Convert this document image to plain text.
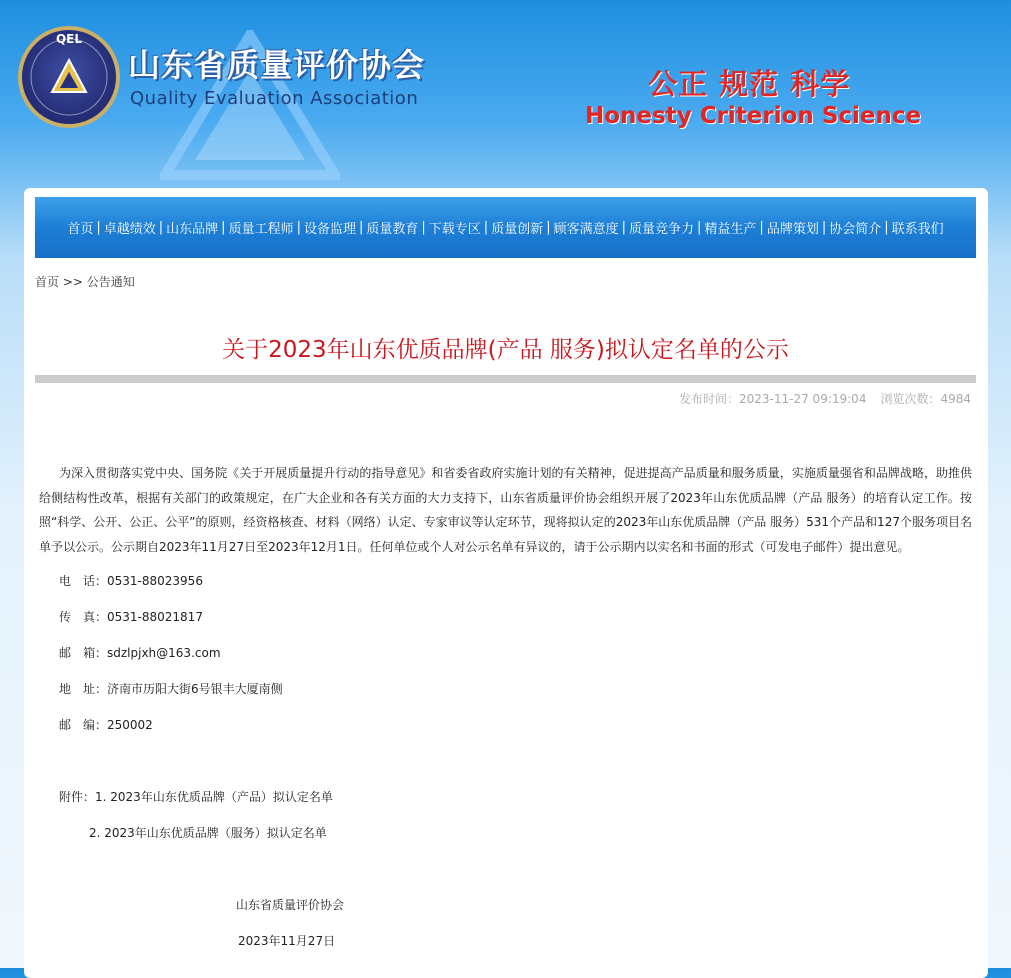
QEL
山东省质量评价协会
Quality Evaluation Association	公正 规范 科学
Honesty Criterion Science
首页 | 卓越绩效 | 山东品牌 | 质量工程师 | 设备监理 | 质量教育 | 下载专区 | 质量创新 | 顾客满意度 | 质量竞争力 | 精益生产 | 品牌策划 | 协会简介 | 联系我们
首页 >> 公告通知
关于2023年山东优质品牌(产品 服务)拟认定名单的公示
发布时间：2023-11-27 09:19:04 浏览次数：4984
为深入贯彻落实党中央、国务院《关于开展质量提升行动的指导意见》和省委省政府实施计划的有关精神，促进提高产品质量和服务质量，实施质量强省和品牌战略，助推供给侧结构性改革，根据有关部门的政策规定，在广大企业和各有关方面的大力支持下，山东省质量评价协会组织开展了2023年山东优质品牌（产品 服务）的培育认定工作。按照“科学、公开、公正、公平”的原则，经资格核查、材料（网络）认定、专家审议等认定环节，现将拟认定的2023年山东优质品牌（产品 服务）531个产品和127个服务项目名单予以公示。公示期自2023年11月27日至2023年12月1日。任何单位或个人对公示名单有异议的，请于公示期内以实名和书面的形式（可发电子邮件）提出意见。
电　话：0531-88023956
传　真：0531-88021817
邮　箱：sdzlpjxh@163.com
地　址：济南市历阳大街6号银丰大厦南侧
邮　编：250002
附件：1. 2023年山东优质品牌（产品）拟认定名单
2. 2023年山东优质品牌（服务）拟认定名单
山东省质量评价协会
2023年11月27日
